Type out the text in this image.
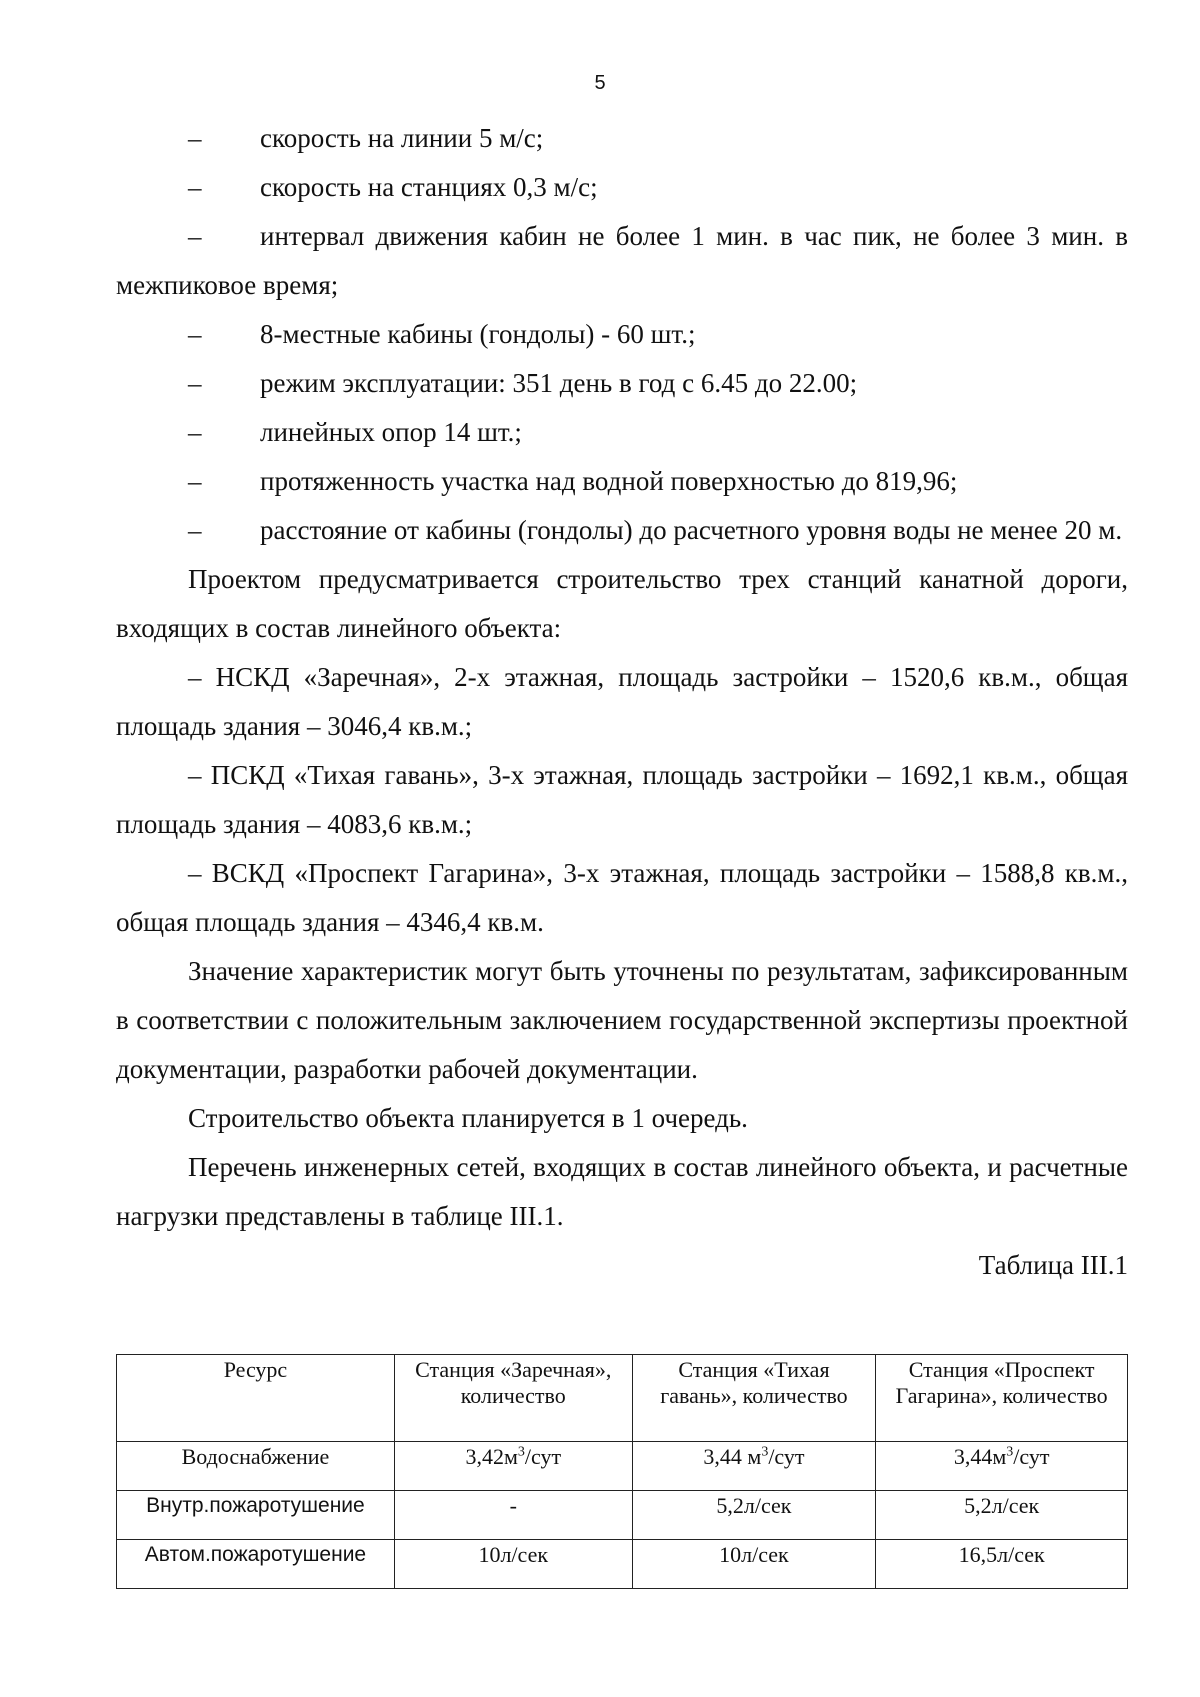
5
–	скорость на линии 5 м/с;
–	скорость на станциях 0,3 м/с;
–	интервал движения кабин не более 1 мин. в час пик, не более 3 мин. в межпиковое время;
–	8-местные кабины (гондолы) - 60 шт.;
–	режим эксплуатации: 351 день в год с 6.45 до 22.00;
–	линейных опор 14 шт.;
–	протяженность участка над водной поверхностью до 819,96;
–	расстояние от кабины (гондолы) до расчетного уровня воды не менее 20 м.

Проектом предусматривается строительство трех станций канатной дороги, входящих в состав линейного объекта:

– НСКД «Заречная», 2-х этажная, площадь застройки – 1520,6 кв.м., общая площадь здания – 3046,4 кв.м.;

– ПСКД «Тихая гавань», 3-х этажная, площадь застройки – 1692,1 кв.м., общая площадь здания – 4083,6 кв.м.;

– ВСКД «Проспект Гагарина», 3-х этажная, площадь застройки – 1588,8 кв.м., общая площадь здания – 4346,4 кв.м.

Значение характеристик могут быть уточнены по результатам, зафиксированным в соответствии с положительным заключением государственной экспертизы проектной документации, разработки рабочей документации.

Строительство объекта планируется в 1 очередь.

Перечень инженерных сетей, входящих в состав линейного объекта, и расчетные нагрузки представлены в таблице III.1.

Таблица III.1

Ресурс	Станция «Заречная», количество	Станция «Тихая гавань», количество	Станция «Проспект Гагарина», количество
Водоснабжение	$3,42м^3$/сут	3,44 $м^3$/сут	$3,44м^3$/сут
Внутр.пожаротушение	-	5,2л/сек	5,2л/сек
Автом.пожаротушение	10л/сек	10л/сек	16,5л/сек
